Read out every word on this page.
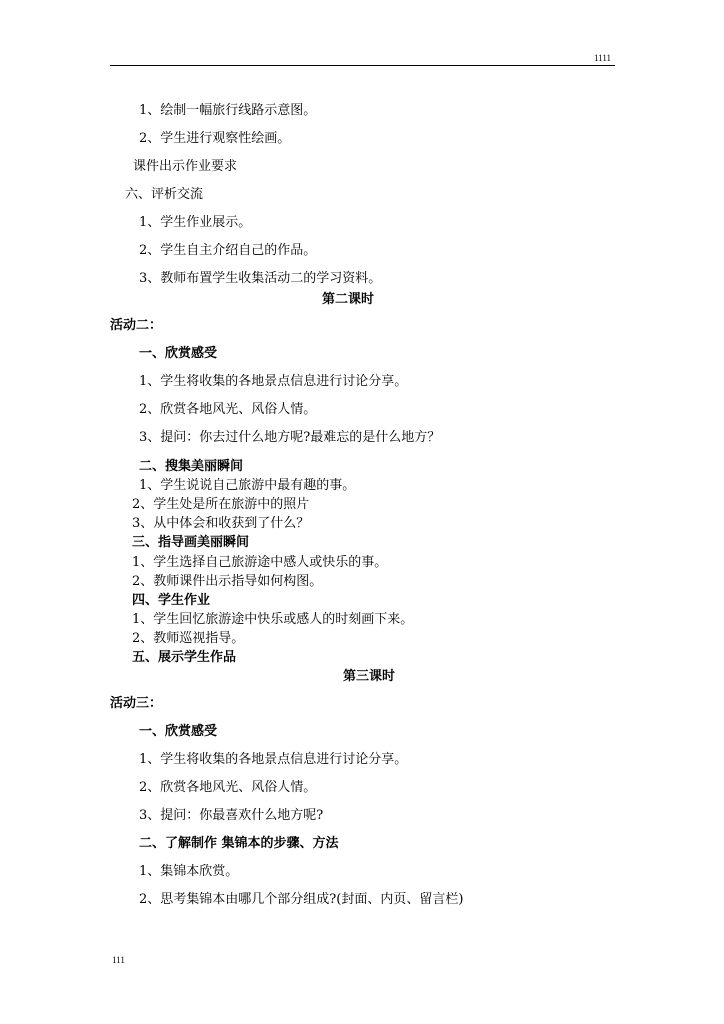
1111
1、绘制一幅旅行线路示意图。
2、学生进行观察性绘画。
课件出示作业要求
六、评析交流
1、学生作业展示。
2、学生自主介绍自己的作品。
3、教师布置学生收集活动二的学习资料。
第二课时
活动二：
一、欣赏感受
1、学生将收集的各地景点信息进行讨论分享。
2、欣赏各地风光、风俗人情。
3、提问：你去过什么地方呢?最难忘的是什么地方？
二、搜集美丽瞬间
1、学生说说自己旅游中最有趣的事。
2、学生处是所在旅游中的照片
3、从中体会和收获到了什么？
三、指导画美丽瞬间
1、学生选择自己旅游途中感人或快乐的事。
2、教师课件出示指导如何构图。
四、学生作业
1、学生回忆旅游途中快乐或感人的时刻画下来。
2、教师巡视指导。
五、展示学生作品
第三课时
活动三：
一、欣赏感受
1、学生将收集的各地景点信息进行讨论分享。
2、欣赏各地风光、风俗人情。
3、提问：你最喜欢什么地方呢?
二、了解制作 集锦本的步骤、方法
1、集锦本欣赏。
2、思考集锦本由哪几个部分组成?(封面、内页、留言栏)
111
